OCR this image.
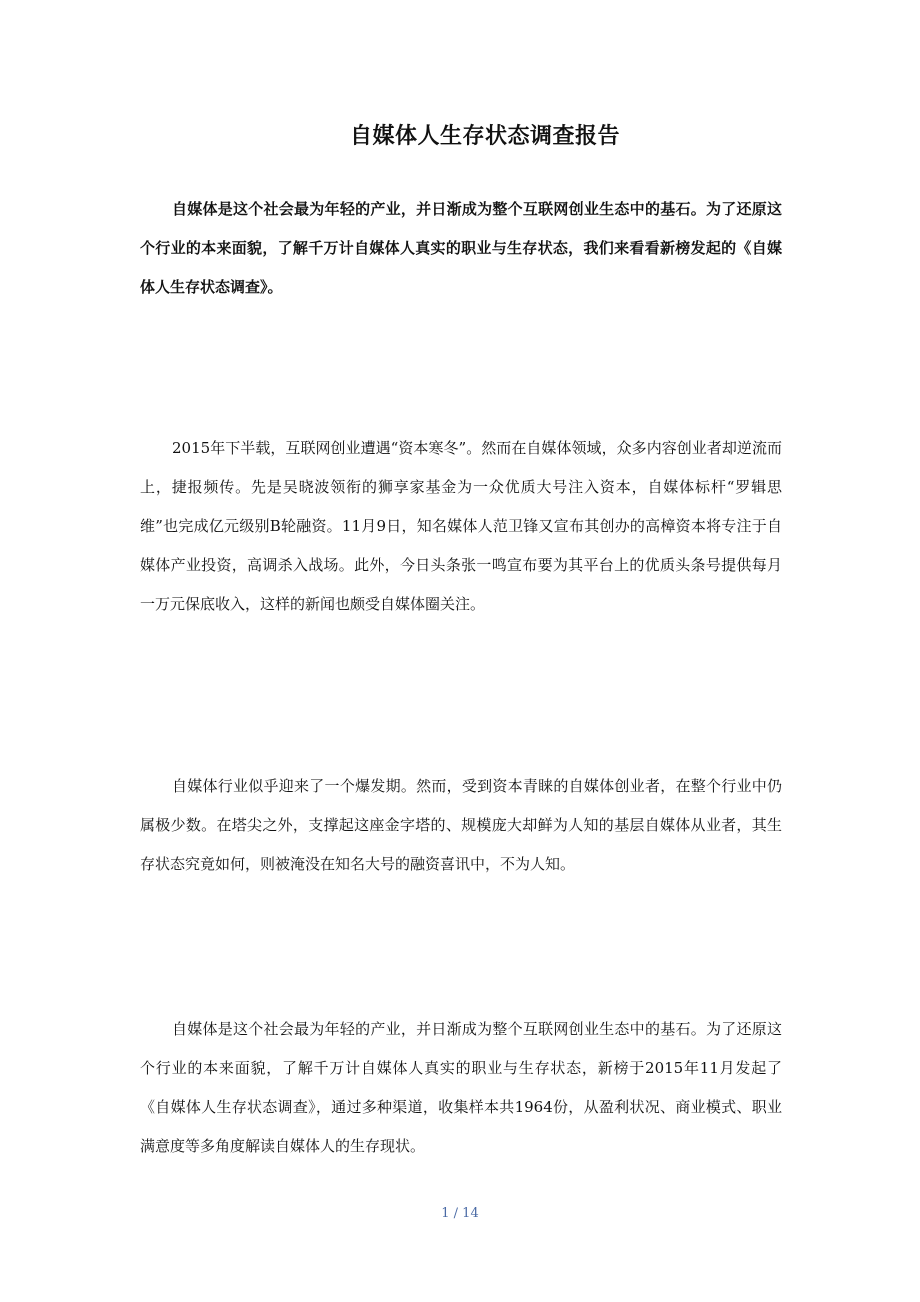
自媒体人生存状态调查报告

自媒体是这个社会最为年轻的产业，并日渐成为整个互联网创业生态中的基石。为了还原这个行业的本来面貌，了解千万计自媒体人真实的职业与生存状态，我们来看看新榜发起的《自媒体人生存状态调查》。

2015年下半载，互联网创业遭遇“资本寒冬”。然而在自媒体领域，众多内容创业者却逆流而上，捷报频传。先是吴晓波领衔的狮享家基金为一众优质大号注入资本，自媒体标杆“罗辑思维”也完成亿元级别B轮融资。11月9日，知名媒体人范卫锋又宣布其创办的高樟资本将专注于自媒体产业投资，高调杀入战场。此外，今日头条张一鸣宣布要为其平台上的优质头条号提供每月一万元保底收入，这样的新闻也颇受自媒体圈关注。

自媒体行业似乎迎来了一个爆发期。然而，受到资本青睐的自媒体创业者，在整个行业中仍属极少数。在塔尖之外，支撑起这座金字塔的、规模庞大却鲜为人知的基层自媒体从业者，其生存状态究竟如何，则被淹没在知名大号的融资喜讯中，不为人知。

自媒体是这个社会最为年轻的产业，并日渐成为整个互联网创业生态中的基石。为了还原这个行业的本来面貌，了解千万计自媒体人真实的职业与生存状态，新榜于2015年11月发起了《自媒体人生存状态调查》，通过多种渠道，收集样本共1964份，从盈利状况、商业模式、职业满意度等多角度解读自媒体人的生存现状。

1 / 14
